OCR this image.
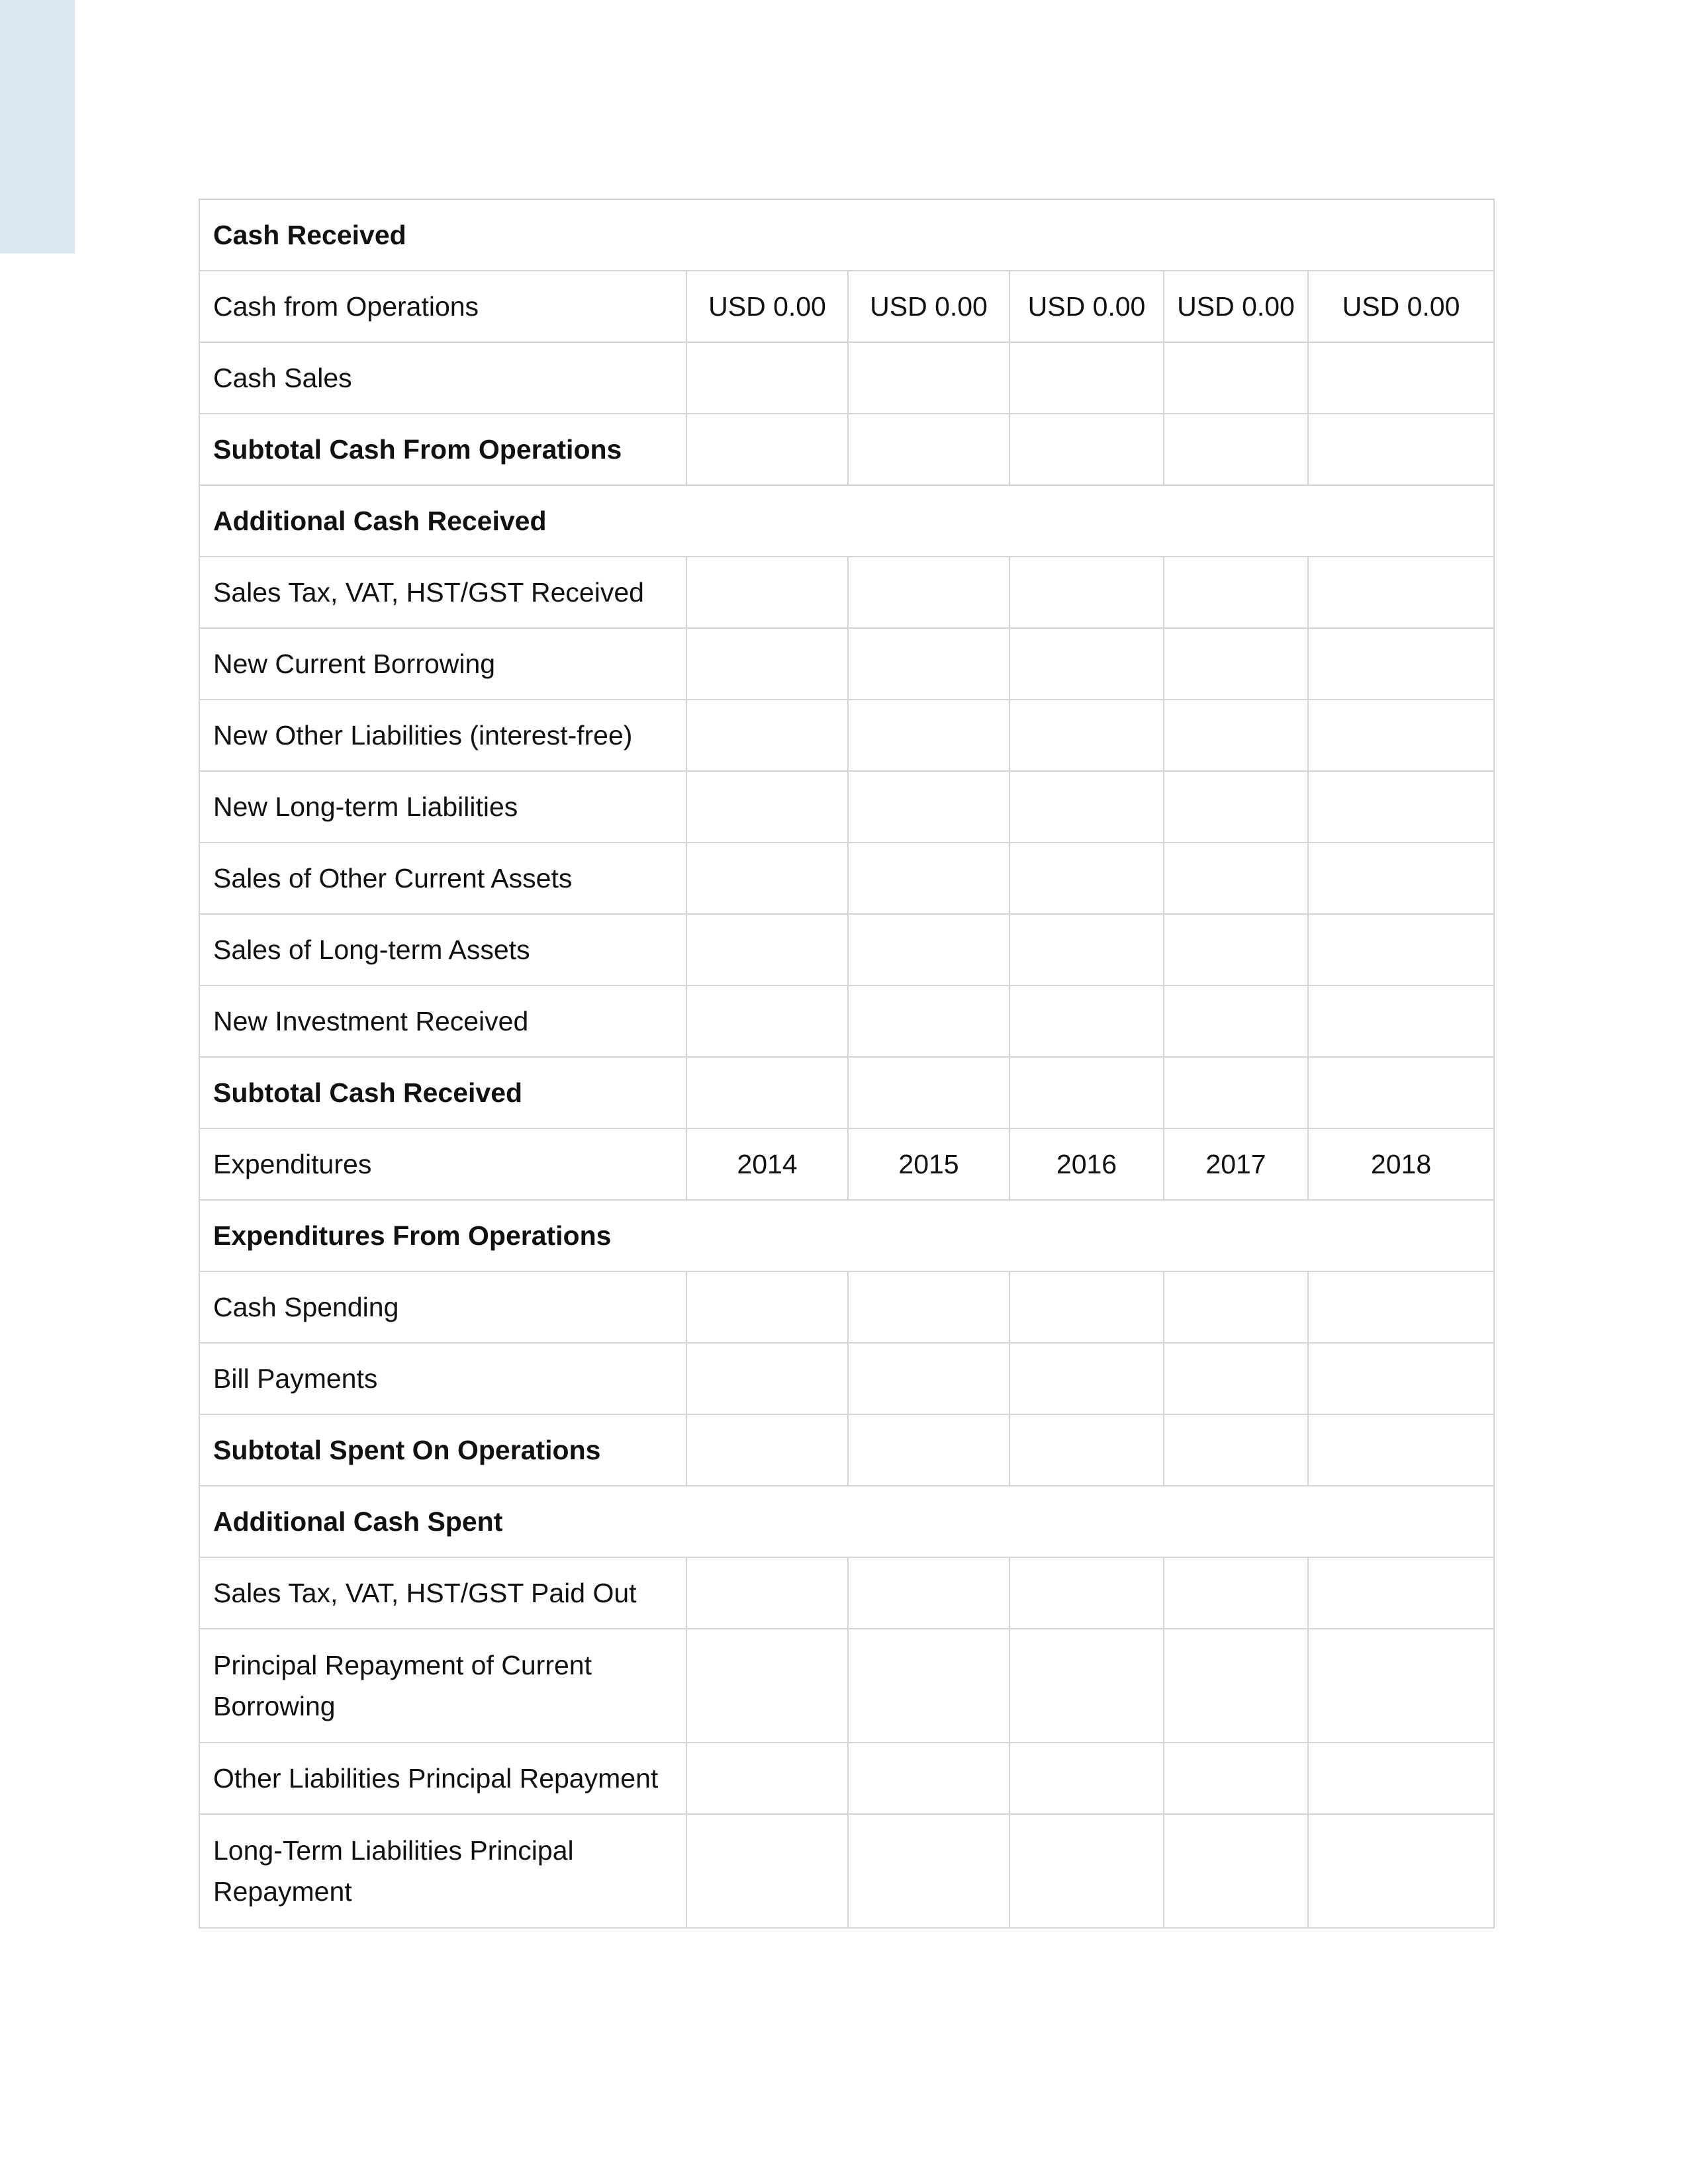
Cash Received					
Cash from Operations	USD 0.00	USD 0.00	USD 0.00	USD 0.00	USD 0.00
Cash Sales					
Subtotal Cash From Operations					
Additional Cash Received					
Sales Tax, VAT, HST/GST Received					
New Current Borrowing					
New Other Liabilities (interest-free)					
New Long-term Liabilities					
Sales of Other Current Assets					
Sales of Long-term Assets					
New Investment Received					
Subtotal Cash Received					
Expenditures	2014	2015	2016	2017	2018
Expenditures From Operations					
Cash Spending					
Bill Payments					
Subtotal Spent On Operations					
Additional Cash Spent					
Sales Tax, VAT, HST/GST Paid Out					
Principal Repayment of Current Borrowing					
Other Liabilities Principal Repayment					
Long-Term Liabilities Principal Repayment					
